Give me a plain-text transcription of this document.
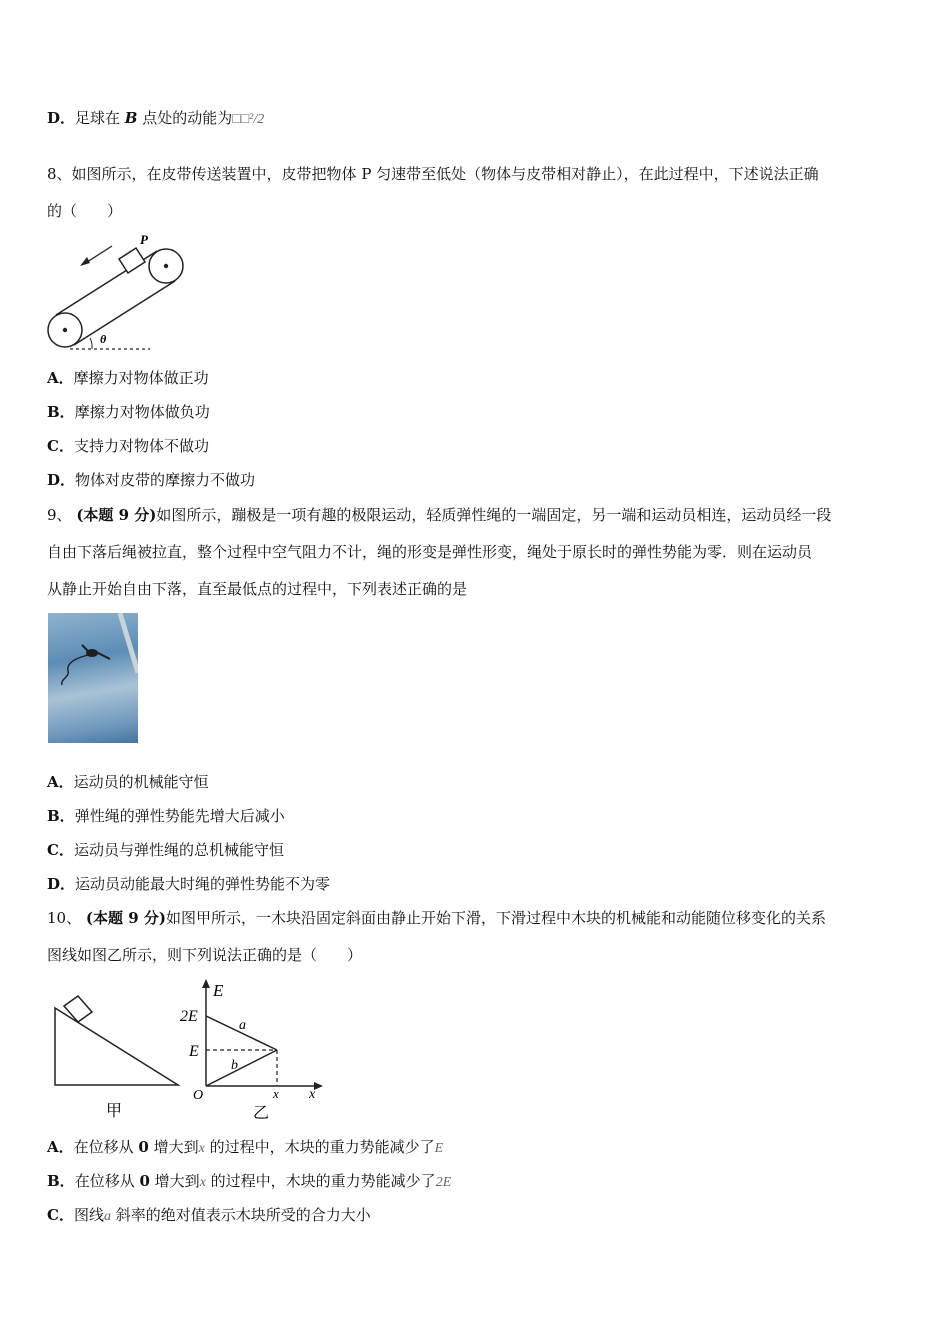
D．足球在 B 点处的动能为□□²/2
8、如图所示，在皮带传送装置中，皮带把物体 P 匀速带至低处（物体与皮带相对静止），在此过程中，下述说法正确
的（　　）
P
θ
A．摩擦力对物体做正功
B．摩擦力对物体做负功
C．支持力对物体不做功
D．物体对皮带的摩擦力不做功
9、 (本题 9 分)如图所示，蹦极是一项有趣的极限运动，轻质弹性绳的一端固定，另一端和运动员相连，运动员经一段
自由下落后绳被拉直，整个过程中空气阻力不计，绳的形变是弹性形变，绳处于原长时的弹性势能为零．则在运动员
从静止开始自由下落，直至最低点的过程中，下列表述正确的是
A．运动员的机械能守恒
B．弹性绳的弹性势能先增大后减小
C．运动员与弹性绳的总机械能守恒
D．运动员动能最大时绳的弹性势能不为零
10、 (本题 9 分)如图甲所示，一木块沿固定斜面由静止开始下滑，下滑过程中木块的机械能和动能随位移变化的关系
图线如图乙所示，则下列说法正确的是（　　）
甲
E
2E
E
O	x x
a
b
乙
A．在位移从 0 增大到x 的过程中，木块的重力势能减少了E
B．在位移从 0 增大到x 的过程中，木块的重力势能减少了2E
C．图线a 斜率的绝对值表示木块所受的合力大小
